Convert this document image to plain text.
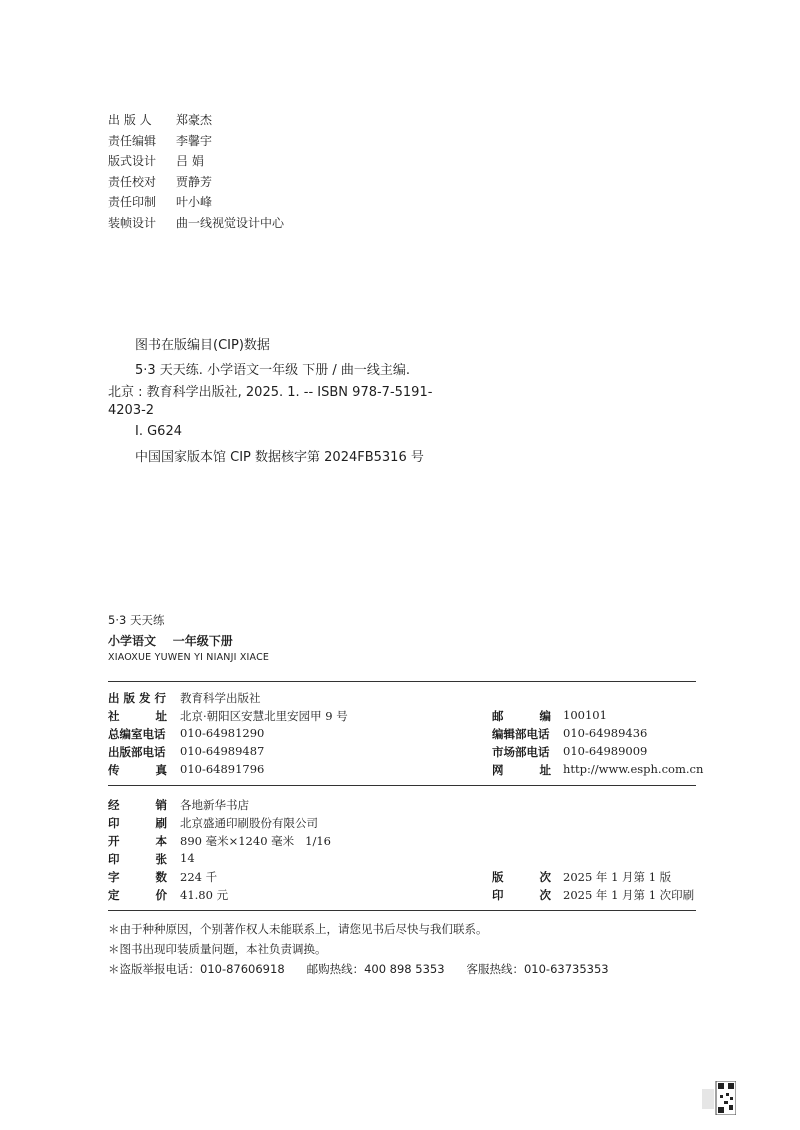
出 版 人 郑豪杰
责任编辑 李馨宇
版式设计 吕 娟
责任校对 贾静芳
责任印制 叶小峰
装帧设计 曲一线视觉设计中心
图书在版编目(CIP)数据
5·3 天天练. 小学语文一年级 下册 / 曲一线主编.
北京 : 教育科学出版社, 2025. 1. -- ISBN 978-7-5191-
4203-2
Ⅰ. G624
中国国家版本馆 CIP 数据核字第 2024FB5316 号
5·3 天天练
小学语文    一年级下册
XIAOXUE YUWEN YI NIANJI XIACE
出 版 发 行 教育科学出版社
社         址 北京·朝阳区安慧北里安园甲 9 号
总编室电话 010-64981290
出版部电话 010-64989487
传         真 010-64891796
邮         编 100101
编辑部电话 010-64989436
市场部电话 010-64989009
网         址 http://www.esph.com.cn
经         销 各地新华书店
印         刷 北京盛通印刷股份有限公司
开         本 890 毫米×1240 毫米   1/16
印         张 14
字         数 224 千
定         价 41.80 元
版         次 2025 年 1 月第 1 版
印         次 2025 年 1 月第 1 次印刷
＊由于种种原因，个别著作权人未能联系上，请您见书后尽快与我们联系。
＊图书出现印装质量问题，本社负责调换。
＊盗版举报电话：010-87606918      邮购热线：400 898 5353      客服热线：010-63735353
